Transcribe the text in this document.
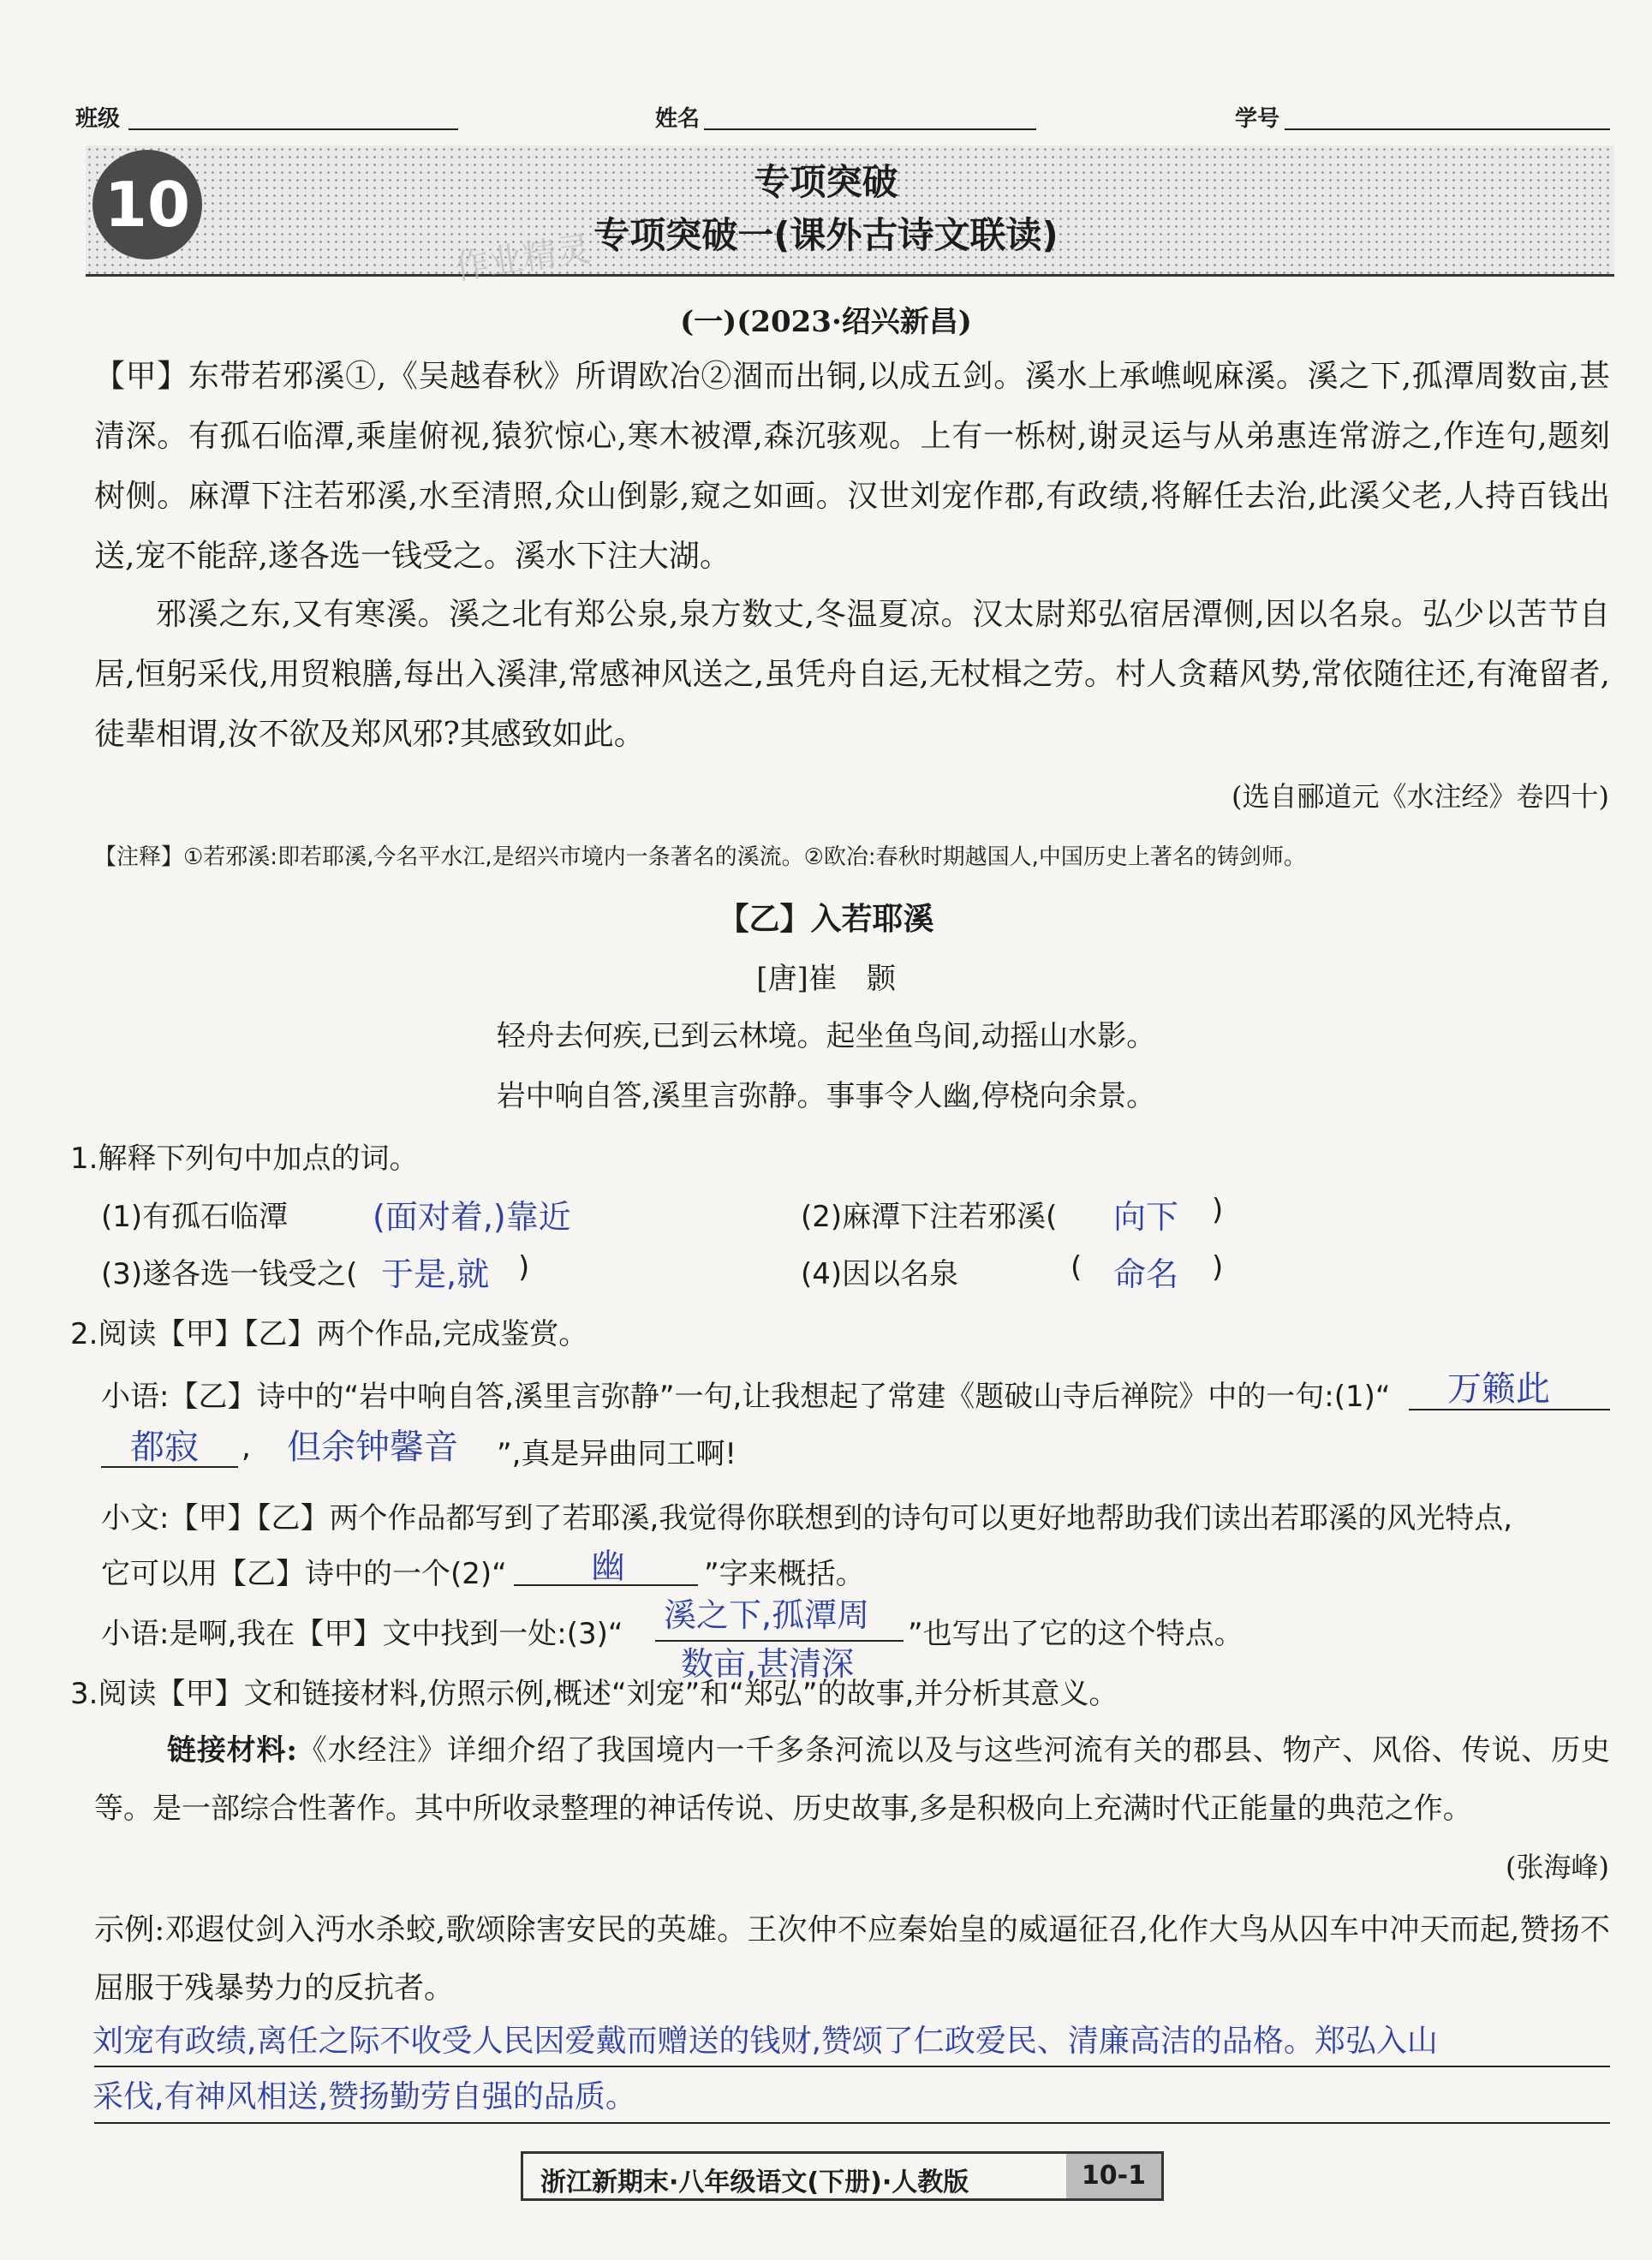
班级	姓名	学号
10	专项突破
专项突破一(课外古诗文联读)
作业精灵
(一)(2023·绍兴新昌)
【甲】东带若邪溪①,《吴越春秋》所谓欧冶②涸而出铜,以成五剑。溪水上承嶕岘麻溪。溪之下,孤潭周数亩,甚清深。有孤石临潭,乘崖俯视,猿狖惊心,寒木被潭,森沉骇观。上有一栎树,谢灵运与从弟惠连常游之,作连句,题刻树侧。麻潭下注若邪溪,水至清照,众山倒影,窥之如画。汉世刘宠作郡,有政绩,将解任去治,此溪父老,人持百钱出送,宠不能辞,遂各选一钱受之。溪水下注大湖。
邪溪之东,又有寒溪。溪之北有郑公泉,泉方数丈,冬温夏凉。汉太尉郑弘宿居潭侧,因以名泉。弘少以苦节自居,恒躬采伐,用贸粮膳,每出入溪津,常感神风送之,虽凭舟自运,无杖楫之劳。村人贪藉风势,常依随往还,有淹留者,徒辈相谓,汝不欲及郑风邪?其感致如此。
(选自郦道元《水注经》卷四十)
【注释】①若邪溪:即若耶溪,今名平水江,是绍兴市境内一条著名的溪流。②欧冶:春秋时期越国人,中国历史上著名的铸剑师。
【乙】入若耶溪
[唐]崔　颢
轻舟去何疾,已到云林境。起坐鱼鸟间,动摇山水影。
岩中响自答,溪里言弥静。事事令人幽,停桡向余景。
1.解释下列句中加点的词。
(1)有孤石临潭	(面对着,)靠近	(2)麻潭下注若邪溪( 向下 )
(3)遂各选一钱受之( 于是,就 )	(4)因以名泉	( 命名 )
2.阅读【甲】【乙】两个作品,完成鉴赏。
小语:【乙】诗中的“岩中响自答,溪里言弥静”一句,让我想起了常建《题破山寺后禅院》中的一句:(1)“ 万籁此
都寂 , 但余钟馨音 ”,真是异曲同工啊!
小文:【甲】【乙】两个作品都写到了若耶溪,我觉得你联想到的诗句可以更好地帮助我们读出若耶溪的风光特点,
它可以用【乙】诗中的一个(2)“ 幽	”字来概括。
小语:是啊,我在【甲】文中找到一处:(3)“ 溪之下,孤潭周
数亩,甚清深
”也写出了它的这个特点。
3.阅读【甲】文和链接材料,仿照示例,概述“刘宠”和“郑弘”的故事,并分析其意义。
链接材料:《水经注》详细介绍了我国境内一千多条河流以及与这些河流有关的郡县、物产、风俗、传说、历史等。是一部综合性著作。其中所收录整理的神话传说、历史故事,多是积极向上充满时代正能量的典范之作。
(张海峰)
示例:邓遐仗剑入沔水杀蛟,歌颂除害安民的英雄。王次仲不应秦始皇的威逼征召,化作大鸟从囚车中冲天而起,赞扬不屈服于残暴势力的反抗者。
刘宠有政绩,离任之际不收受人民因爱戴而赠送的钱财,赞颂了仁政爱民、清廉高洁的品格。郑弘入山
采伐,有神风相送,赞扬勤劳自强的品质。
浙江新期末·八年级语文(下册)·人教版	10-1
